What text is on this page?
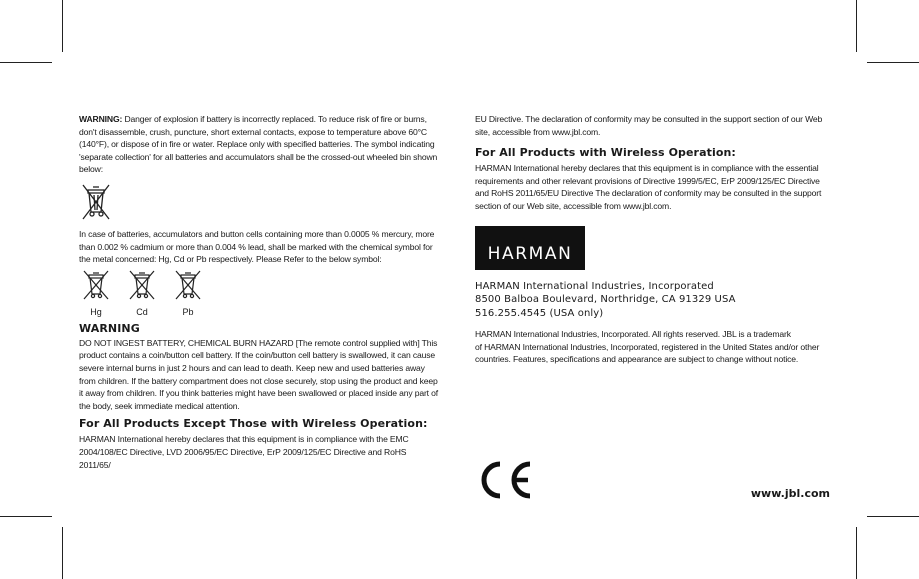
WARNING: Danger of explosion if battery is incorrectly replaced. To reduce risk of fire or burns, don't disassemble, crush, puncture, short external contacts, expose to temperature above 60°C (140°F), or dispose of in fire or water. Replace only with specified batteries. The symbol indicating 'separate collection' for all batteries and accumulators shall be the crossed-out wheeled bin shown below:

In case of batteries, accumulators and button cells containing more than 0.0005 % mercury, more than 0.002 % cadmium or more than 0.004 % lead, shall be marked with the chemical symbol for the metal concerned: Hg, Cd or Pb respectively. Please Refer to the below symbol:

Hg	Cd	Pb

WARNING

DO NOT INGEST BATTERY, CHEMICAL BURN HAZARD [The remote control supplied with] This product contains a coin/button cell battery. If the coin/button cell battery is swallowed, it can cause severe internal burns in just 2 hours and can lead to death. Keep new and used batteries away from children. If the battery compartment does not close securely, stop using the product and keep it away from children. If you think batteries might have been swallowed or placed inside any part of the body, seek immediate medical attention.

For All Products Except Those with Wireless Operation:

HARMAN International hereby declares that this equipment is in compliance with the EMC 2004/108/EC Directive, LVD 2006/95/EC Directive, ErP 2009/125/EC Directive and RoHS 2011/65/

EU Directive. The declaration of conformity may be consulted in the support section of our Web site, accessible from www.jbl.com.

For All Products with Wireless Operation:

HARMAN International hereby declares that this equipment is in compliance with the essential requirements and other relevant provisions of Directive 1999/5/EC, ErP 2009/125/EC Directive and RoHS 2011/65/EU Directive The declaration of conformity may be consulted in the support section of our Web site, accessible from www.jbl.com.

HARMAN

HARMAN International Industries, Incorporated

8500 Balboa Boulevard, Northridge, CA 91329 USA

516.255.4545 (USA only)

HARMAN International Industries, Incorporated. All rights reserved. JBL is a trademark

of HARMAN International Industries, Incorporated, registered in the United States and/or other countries. Features, specifications and appearance are subject to change without notice.

www.jbl.com
